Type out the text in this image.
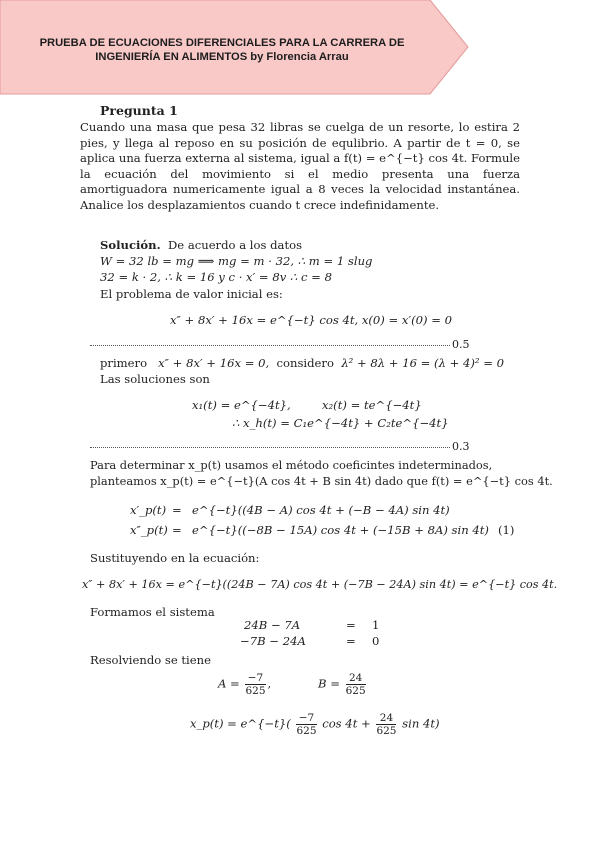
PRUEBA DE ECUACIONES DIFERENCIALES PARA LA CARRERA DE
INGENIERÍA EN ALIMENTOS by Florencia Arrau
Pregunta 1
Cuando una masa que pesa 32 libras se cuelga de un resorte, lo estira 2 pies, y llega al reposo en su posición de equlibrio. A partir de t = 0, se aplica una fuerza externa al sistema, igual a f(t) = e^{−t} cos 4t. Formule la ecuación del movimiento si el medio presenta una fuerza amortiguadora numericamente igual a 8 veces la velocidad instantánea. Analice los desplazamientos cuando t crece indefinidamente.
Solución. De acuerdo a los datos
W = 32 lb = mg ⟹ mg = m · 32, ∴ m = 1 slug
32 = k · 2, ∴ k = 16 y c · x′ = 8v ∴ c = 8
El problema de valor inicial es:
x″ + 8x′ + 16x = e^{−t} cos 4t, x(0) = x′(0) = 0
0.5
primero x″ + 8x′ + 16x = 0, considero λ² + 8λ + 16 = (λ + 4)² = 0
Las soluciones son
x₁(t) = e^{−4t},	x₂(t) = te^{−4t}
∴ x_h(t) = C₁e^{−4t} + C₂te^{−4t}
0.3
Para determinar x_p(t) usamos el método coeficintes indeterminados,
planteamos x_p(t) = e^{−t}(A cos 4t + B sin 4t) dado que f(t) = e^{−t} cos 4t.
x′_p(t) = e^{−t}((4B − A) cos 4t + (−B − 4A) sin 4t)
x″_p(t) = e^{−t}((−8B − 15A) cos 4t + (−15B + 8A) sin 4t) (1)
Sustituyendo en la ecuación:
x″ + 8x′ + 16x = e^{−t}((24B − 7A) cos 4t + (−7B − 24A) sin 4t) = e^{−t} cos 4t.
Formamos el sistema
24B − 7A	= 1
−7B − 24A	= 0
Resolviendo se tiene
$A = \frac{-7}{625}$ ,	$B = \frac{24}{625}$
x_p(t) = e^{−t}( $\frac{-7}{625}$ $\cos 4t + \frac{24}{625}$ sin 4t)
